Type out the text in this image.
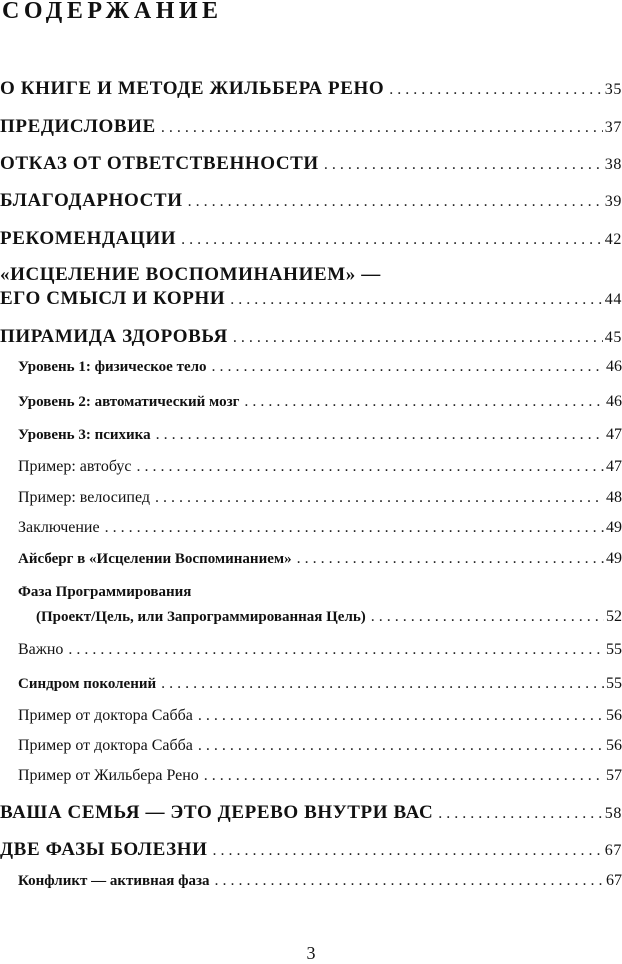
СОДЕРЖАНИЕ
О КНИГЕ И МЕТОДЕ ЖИЛЬБЕРА РЕНО . . .	35
ПРЕДИСЛОВИЕ . . .	37
ОТКАЗ ОТ ОТВЕТСТВЕННОСТИ . . .	38
БЛАГОДАРНОСТИ . . .	39
РЕКОМЕНДАЦИИ . . .	42
«ИСЦЕЛЕНИЕ ВОСПОМИНАНИЕМ» —
ЕГО СМЫСЛ И КОРНИ . . .	44
ПИРАМИДА ЗДОРОВЬЯ . . .	45
Уровень 1: физическое тело . . .	46
Уровень 2: автоматический мозг . . .	46
Уровень 3: психика . . .	47
Пример: автобус . . .	47
Пример: велосипед . . .	48
Заключение . . .	49
Айсберг в «Исцелении Воспоминанием» . . .	49
Фаза Программирования
(Проект/Цель, или Запрограммированная Цель) . . .	52
Важно . . .	55
Синдром поколений . . .	55
Пример от доктора Сабба . . .	56
Пример от доктора Сабба . . .	56
Пример от Жильбера Рено . . .	57
ВАША СЕМЬЯ — ЭТО ДЕРЕВО ВНУТРИ ВАС . . .	58
ДВЕ ФАЗЫ БОЛЕЗНИ . . .	67
Конфликт — активная фаза . . .	67
3
